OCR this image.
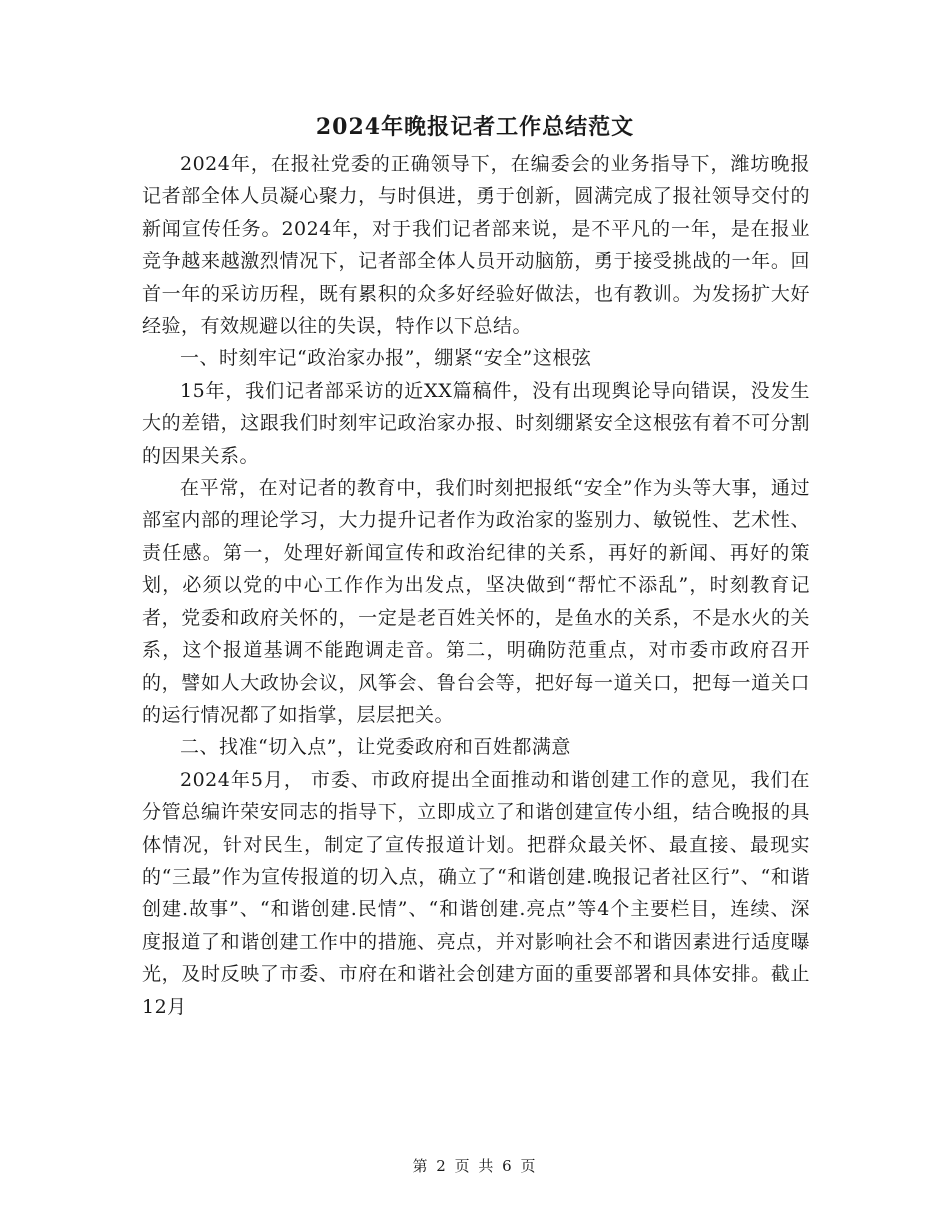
2024年晚报记者工作总结范文

2024年，在报社党委的正确领导下，在编委会的业务指导下，潍坊晚报记者部全体人员凝心聚力，与时俱进，勇于创新，圆满完成了报社领导交付的新闻宣传任务。2024年，对于我们记者部来说，是不平凡的一年，是在报业竞争越来越激烈情况下，记者部全体人员开动脑筋，勇于接受挑战的一年。回首一年的采访历程，既有累积的众多好经验好做法，也有教训。为发扬扩大好经验，有效规避以往的失误，特作以下总结。

一、时刻牢记“政治家办报”，绷紧“安全”这根弦

15年，我们记者部采访的近XX篇稿件，没有出现舆论导向错误，没发生大的差错，这跟我们时刻牢记政治家办报、时刻绷紧安全这根弦有着不可分割的因果关系。

在平常，在对记者的教育中，我们时刻把报纸“安全”作为头等大事，通过部室内部的理论学习，大力提升记者作为政治家的鉴别力、敏锐性、艺术性、责任感。第一，处理好新闻宣传和政治纪律的关系，再好的新闻、再好的策划，必须以党的中心工作作为出发点，坚决做到“帮忙不添乱”，时刻教育记者，党委和政府关怀的，一定是老百姓关怀的，是鱼水的关系，不是水火的关系，这个报道基调不能跑调走音。第二，明确防范重点，对市委市政府召开的，譬如人大政协会议，风筝会、鲁台会等，把好每一道关口，把每一道关口的运行情况都了如指掌，层层把关。

二、找准“切入点”，让党委政府和百姓都满意

2024年5月， 市委、市政府提出全面推动和谐创建工作的意见，我们在分管总编许荣安同志的指导下，立即成立了和谐创建宣传小组，结合晚报的具体情况，针对民生，制定了宣传报道计划。把群众最关怀、最直接、最现实的“三最”作为宣传报道的切入点，确立了“和谐创建.晚报记者社区行”、“和谐创建.故事”、“和谐创建.民情”、“和谐创建.亮点”等4个主要栏目，连续、深度报道了和谐创建工作中的措施、亮点，并对影响社会不和谐因素进行适度曝光，及时反映了市委、市府在和谐社会创建方面的重要部署和具体安排。截止12月

第 2 页 共 6 页
